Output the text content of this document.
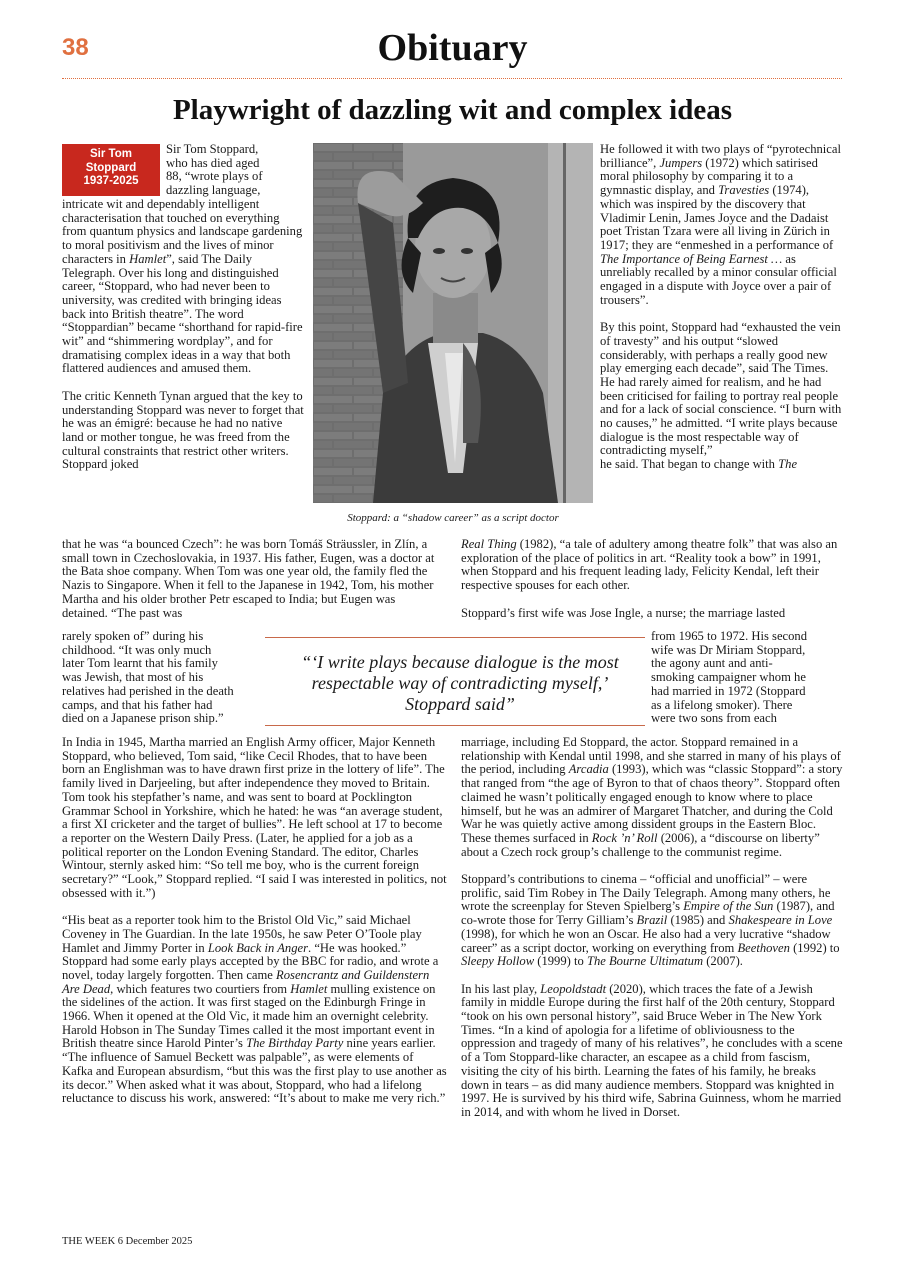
38	Obituary
Playwright of dazzling wit and complex ideas
Sir Tom
Stoppard
1937-2025
Sir Tom Stoppard,
who has died aged
88, “wrote plays of
dazzling language,

intricate wit and dependably intelligent characterisation that touched on everything from quantum physics and landscape gardening to moral positivism and the lives of minor characters in Hamlet”, said The Daily Telegraph. Over his long and distinguished career, “Stoppard, who had never been to university, was credited with bringing ideas back into British theatre”. The word “Stoppardian” became “shorthand for rapid-fire wit” and “shimmering wordplay”, and for dramatising complex ideas in a way that both flattered audiences and amused them.

The critic Kenneth Tynan argued that the key to understanding Stoppard was never to forget that he was an émigré: because he had no native land or mother tongue, he was freed from the cultural constraints that restrict other writers. Stoppard joked

Stoppard: a “shadow career” as a script doctor

that he was “a bounced Czech”: he was born Tomáš Sträussler, in Zlín, a small town in Czechoslovakia, in 1937. His father, Eugen, was a doctor at the Bata shoe company. When Tom was one year old, the family fled the Nazis to Singapore. When it fell to the Japanese in 1942, Tom, his mother Martha and his older brother Petr escaped to India; but Eugen was detained. “The past was

rarely spoken of” during his
childhood. “It was only much
later Tom learnt that his family
was Jewish, that most of his
relatives had perished in the death
camps, and that his father had
died on a Japanese prison ship.”
“‘I write plays because dialogue is the most respectable way of contradicting myself,’ Stoppard said”

In India in 1945, Martha married an English Army officer, Major Kenneth Stoppard, who believed, Tom said, “like Cecil Rhodes, that to have been born an Englishman was to have drawn first prize in the lottery of life”. The family lived in Darjeeling, but after independence they moved to Britain. Tom took his stepfather’s name, and was sent to board at Pocklington Grammar School in Yorkshire, which he hated: he was “an average student, a first XI cricketer and the target of bullies”. He left school at 17 to become a reporter on the Western Daily Press. (Later, he applied for a job as a political reporter on the London Evening Standard. The editor, Charles Wintour, sternly asked him: “So tell me boy, who is the current foreign secretary?” “Look,” Stoppard replied. “I said I was interested in politics, not obsessed with it.”)

“His beat as a reporter took him to the Bristol Old Vic,” said Michael Coveney in The Guardian. In the late 1950s, he saw Peter O’Toole play Hamlet and Jimmy Porter in Look Back in Anger. “He was hooked.” Stoppard had some early plays accepted by the BBC for radio, and wrote a novel, today largely forgotten. Then came Rosencrantz and Guildenstern Are Dead, which features two courtiers from Hamlet mulling existence on the sidelines of the action. It was first staged on the Edinburgh Fringe in 1966. When it opened at the Old Vic, it made him an overnight celebrity. Harold Hobson in The Sunday Times called it the most important event in British theatre since Harold Pinter’s The Birthday Party nine years earlier. “The influence of Samuel Beckett was palpable”, as were elements of Kafka and European absurdism, “but this was the first play to use another as its decor.” When asked what it was about, Stoppard, who had a lifelong reluctance to discuss his work, answered: “It’s about to make me very rich.”

He followed it with two plays of “pyrotechnical brilliance”, Jumpers (1972) which satirised moral philosophy by comparing it to a gymnastic display, and Travesties (1974), which was inspired by the discovery that Vladimir Lenin, James Joyce and the Dadaist poet Tristan Tzara were all living in Zürich in 1917; they are “enmeshed in a performance of The Importance of Being Earnest … as unreliably recalled by a minor consular official engaged in a dispute with Joyce over a pair of trousers”.

By this point, Stoppard had “exhausted the vein of travesty” and his output “slowed considerably, with perhaps a really good new play emerging each decade”, said The Times. He had rarely aimed for realism, and he had been criticised for failing to portray real people and for a lack of social conscience. “I burn with no causes,” he admitted. “I write plays because dialogue is the most respectable way of contradicting myself,”
he said. That began to change with The

Real Thing (1982), “a tale of adultery among theatre folk” that was also an exploration of the place of politics in art. “Reality took a bow” in 1991, when Stoppard and his frequent leading lady, Felicity Kendal, left their respective spouses for each other.

Stoppard’s first wife was Jose Ingle, a nurse; the marriage lasted

from 1965 to 1972. His second
wife was Dr Miriam Stoppard,
the agony aunt and anti-
smoking campaigner whom he
had married in 1972 (Stoppard
as a lifelong smoker). There
were two sons from each

marriage, including Ed Stoppard, the actor. Stoppard remained in a relationship with Kendal until 1998, and she starred in many of his plays of the period, including Arcadia (1993), which was “classic Stoppard”: a story that ranged from “the age of Byron to that of chaos theory”. Stoppard often claimed he wasn’t politically engaged enough to know where to place himself, but he was an admirer of Margaret Thatcher, and during the Cold War he was quietly active among dissident groups in the Eastern Bloc. These themes surfaced in Rock ’n’ Roll (2006), a “discourse on liberty” about a Czech rock group’s challenge to the communist regime.

Stoppard’s contributions to cinema – “official and unofficial” – were prolific, said Tim Robey in The Daily Telegraph. Among many others, he wrote the screenplay for Steven Spielberg’s Empire of the Sun (1987), and co-wrote those for Terry Gilliam’s Brazil (1985) and Shakespeare in Love (1998), for which he won an Oscar. He also had a very lucrative “shadow career” as a script doctor, working on everything from Beethoven (1992) to Sleepy Hollow (1999) to The Bourne Ultimatum (2007).

In his last play, Leopoldstadt (2020), which traces the fate of a Jewish family in middle Europe during the first half of the 20th century, Stoppard “took on his own personal history”, said Bruce Weber in The New York Times. “In a kind of apologia for a lifetime of obliviousness to the oppression and tragedy of many of his relatives”, he concludes with a scene of a Tom Stoppard-like character, an escapee as a child from fascism, visiting the city of his birth. Learning the fates of his family, he breaks down in tears – as did many audience members. Stoppard was knighted in 1997. He is survived by his third wife, Sabrina Guinness, whom he married in 2014, and with whom he lived in Dorset.

THE WEEK 6 December 2025
